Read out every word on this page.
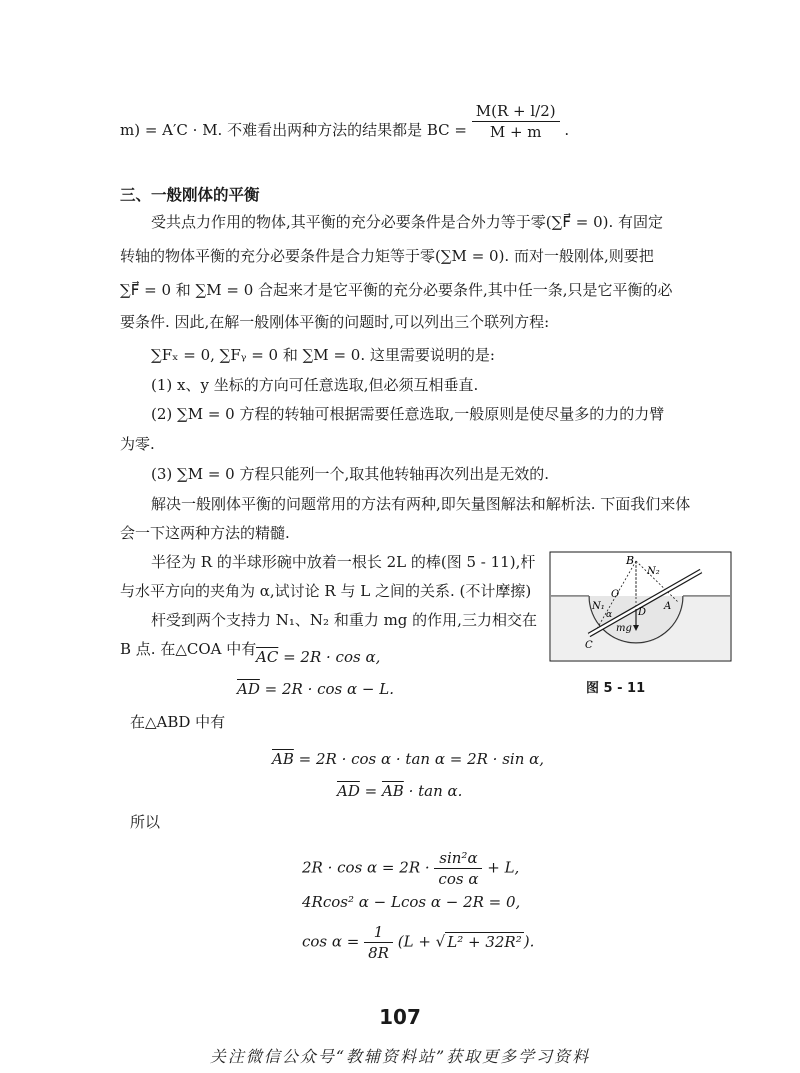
m) = A′C · M. 不难看出两种方法的结果都是 BC = $\frac{M(R + l/2)}{M + m}$ .
三、一般刚体的平衡
受共点力作用的物体,其平衡的充分必要条件是合外力等于零(∑F⃗ = 0). 有固定
转轴的物体平衡的充分必要条件是合力矩等于零(∑M = 0). 而对一般刚体,则要把
∑F⃗ = 0 和 ∑M = 0 合起来才是它平衡的充分必要条件,其中任一条,只是它平衡的必
要条件. 因此,在解一般刚体平衡的问题时,可以列出三个联列方程:
∑Fₓ = 0, ∑Fᵧ = 0 和 ∑M = 0. 这里需要说明的是:
(1) x、y 坐标的方向可任意选取,但必须互相垂直.
(2) ∑M = 0 方程的转轴可根据需要任意选取,一般原则是使尽量多的力的力臂
为零.
(3) ∑M = 0 方程只能列一个,取其他转轴再次列出是无效的.
解决一般刚体平衡的问题常用的方法有两种,即矢量图解法和解析法. 下面我们来体
会一下这两种方法的精髓.
半径为 R 的半球形碗中放着一根长 2L 的棒(图 5 - 11),杆
与水平方向的夹角为 α,试讨论 R 与 L 之间的关系. (不计摩擦)
杆受到两个支持力 N₁、N₂ 和重力 mg 的作用,三力相交在
B 点. 在△COA 中有 $\overline{AC} = 2R \cdot \cos \alpha$,
$\overline{AD} = 2R \cdot \cos \alpha - L$.
在△ABD 中有
$\overline{AB} = 2R \cdot \cos \alpha \cdot \tan \alpha = 2R \cdot \sin \alpha$,
$\overline{AD} = \overline{AB} \cdot \tan \alpha$.
所以
$2R \cdot \cos \alpha = 2R \cdot \frac{\text{sin²α}}{\text{cos α}} + L$,
4Rcos² α − Lcos α − 2R = 0,
$\cos \alpha = \frac{1}{8R} (L$ + √ L² + 32R² ).
B
N₂
O
N₁
α	D
A
mg
C
图 5 - 11
107
关注微信公众号“教辅资料站”获取更多学习资料
